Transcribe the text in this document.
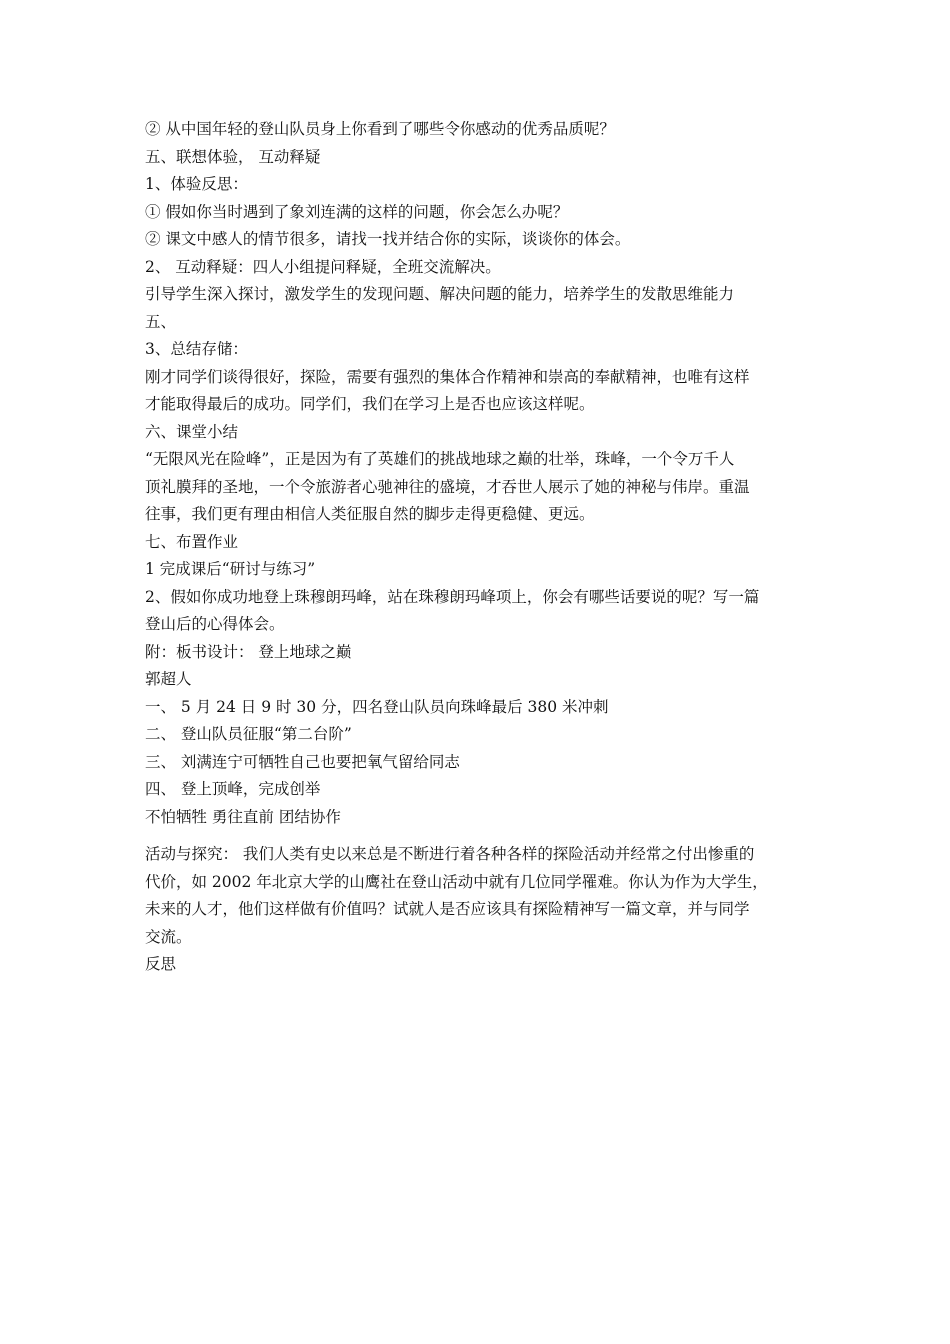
② 从中国年轻的登山队员身上你看到了哪些令你感动的优秀品质呢？
五、联想体验， 互动释疑
1、体验反思：
① 假如你当时遇到了象刘连满的这样的问题，你会怎么办呢？
② 课文中感人的情节很多，请找一找并结合你的实际，谈谈你的体会。
2、 互动释疑：四人小组提问释疑，全班交流解决。
引导学生深入探讨，激发学生的发现问题、解决问题的能力，培养学生的发散思维能力
五、
3、总结存储：
刚才同学们谈得很好，探险，需要有强烈的集体合作精神和崇高的奉献精神，也唯有这样
才能取得最后的成功。同学们，我们在学习上是否也应该这样呢。
六、课堂小结
“无限风光在险峰”，正是因为有了英雄们的挑战地球之巅的壮举，珠峰，一个令万千人
顶礼膜拜的圣地，一个令旅游者心驰神往的盛境，才吞世人展示了她的神秘与伟岸。重温
往事，我们更有理由相信人类征服自然的脚步走得更稳健、更远。
七、布置作业
1 完成课后“研讨与练习”
2、假如你成功地登上珠穆朗玛峰，站在珠穆朗玛峰项上，你会有哪些话要说的呢？写一篇
登山后的心得体会。
附：板书设计： 登上地球之巅
郭超人
一、 5 月 24 日 9 时 30 分，四名登山队员向珠峰最后 380 米冲刺
二、 登山队员征服“第二台阶”
三、 刘满连宁可牺牲自己也要把氧气留给同志
四、 登上顶峰，完成创举
不怕牺牲 勇往直前 团结协作
活动与探究： 我们人类有史以来总是不断进行着各种各样的探险活动并经常之付出惨重的
代价，如 2002 年北京大学的山鹰社在登山活动中就有几位同学罹难。你认为作为大学生，
未来的人才，他们这样做有价值吗？试就人是否应该具有探险精神写一篇文章，并与同学
交流。
反思
